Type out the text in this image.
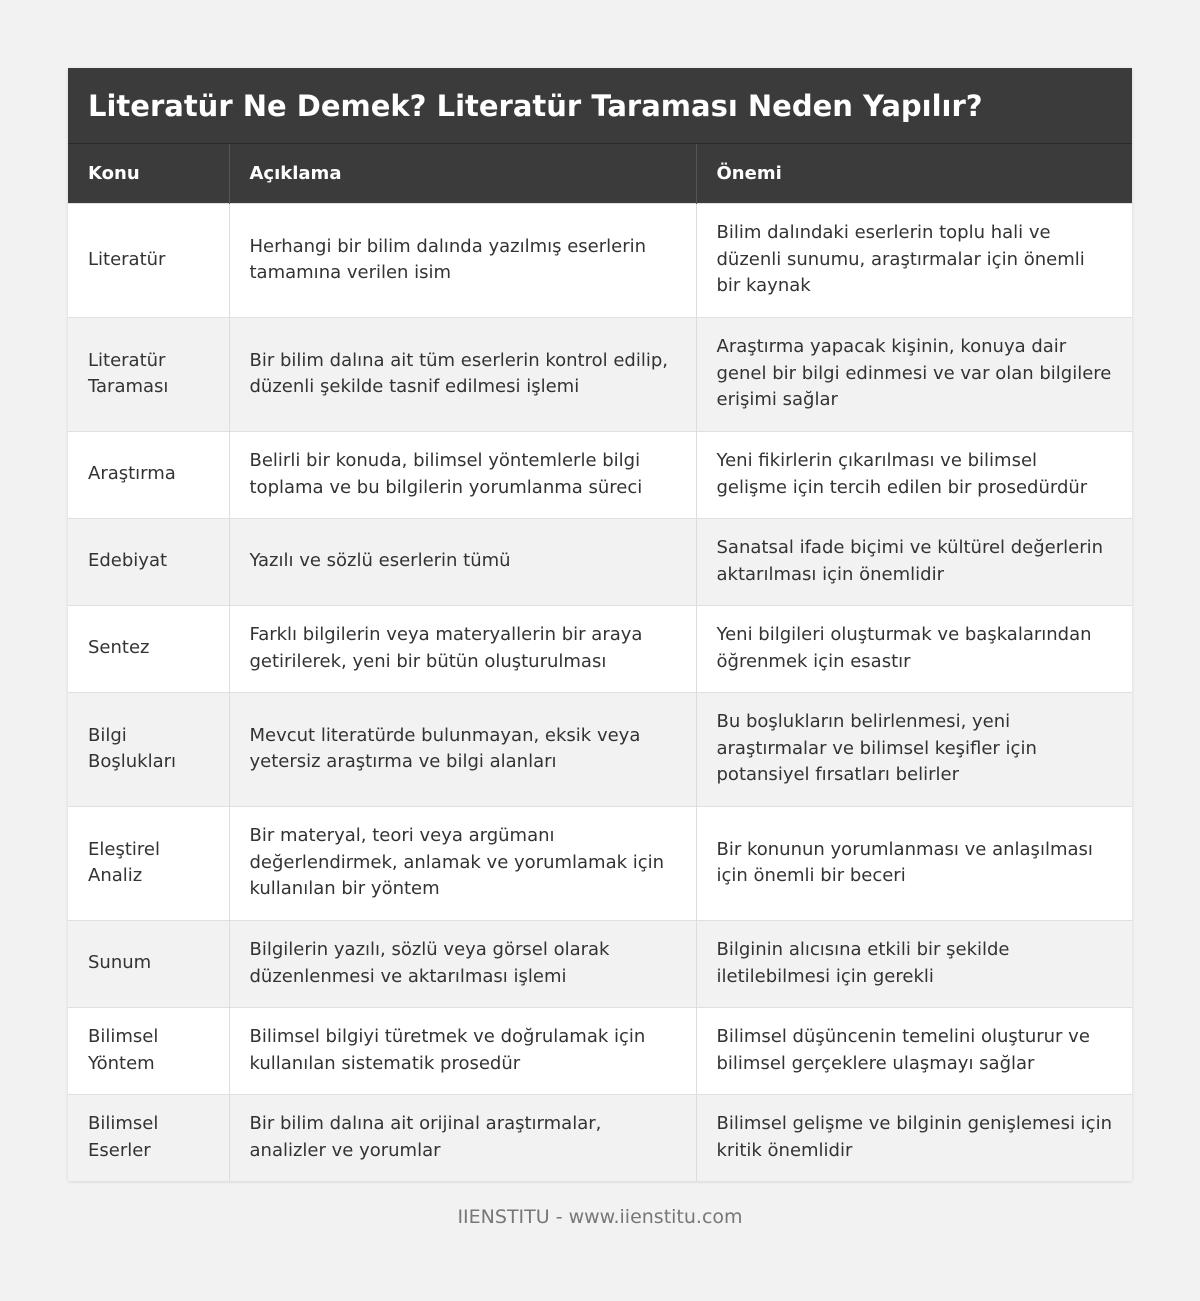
Literatür Ne Demek? Literatür Taraması Neden Yapılır?
Konu	Açıklama	Önemi
Literatür	Herhangi bir bilim dalında yazılmış eserlerin tamamına verilen isim	Bilim dalındaki eserlerin toplu hali ve düzenli sunumu, araştırmalar için önemli bir kaynak
Literatür Taraması	Bir bilim dalına ait tüm eserlerin kontrol edilip, düzenli şekilde tasnif edilmesi işlemi	Araştırma yapacak kişinin, konuya dair genel bir bilgi edinmesi ve var olan bilgilere erişimi sağlar
Araştırma	Belirli bir konuda, bilimsel yöntemlerle bilgi toplama ve bu bilgilerin yorumlanma süreci	Yeni fikirlerin çıkarılması ve bilimsel gelişme için tercih edilen bir prosedürdür
Edebiyat	Yazılı ve sözlü eserlerin tümü	Sanatsal ifade biçimi ve kültürel değerlerin aktarılması için önemlidir
Sentez	Farklı bilgilerin veya materyallerin bir araya getirilerek, yeni bir bütün oluşturulması	Yeni bilgileri oluşturmak ve başkalarından öğrenmek için esastır
Bilgi Boşlukları	Mevcut literatürde bulunmayan, eksik veya yetersiz araştırma ve bilgi alanları	Bu boşlukların belirlenmesi, yeni araştırmalar ve bilimsel keşifler için potansiyel fırsatları belirler
Eleştirel Analiz	Bir materyal, teori veya argümanı değerlendirmek, anlamak ve yorumlamak için kullanılan bir yöntem	Bir konunun yorumlanması ve anlaşılması için önemli bir beceri
Sunum	Bilgilerin yazılı, sözlü veya görsel olarak düzenlenmesi ve aktarılması işlemi	Bilginin alıcısına etkili bir şekilde iletilebilmesi için gerekli
Bilimsel Yöntem	Bilimsel bilgiyi türetmek ve doğrulamak için kullanılan sistematik prosedür	Bilimsel düşüncenin temelini oluşturur ve bilimsel gerçeklere ulaşmayı sağlar
Bilimsel Eserler	Bir bilim dalına ait orijinal araştırmalar, analizler ve yorumlar	Bilimsel gelişme ve bilginin genişlemesi için kritik önemlidir
IIENSTITU - www.iienstitu.com
